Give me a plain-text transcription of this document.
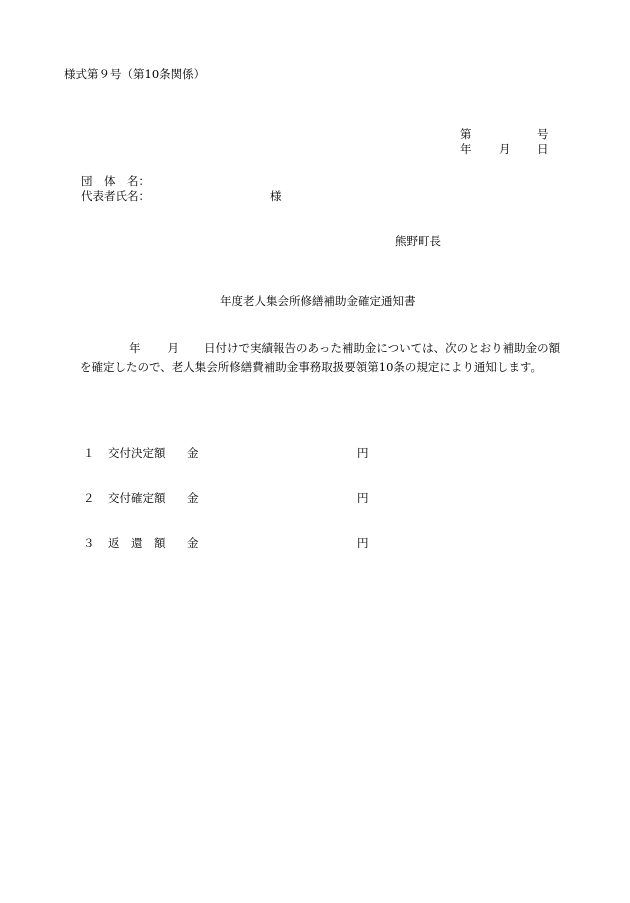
様式第９号（第10条関係）
第	号
年 月 日
団　体　名：
代表者氏名：	様
熊野町長
年度老人集会所修繕補助金確定通知書
年 月 日付けで実績報告のあった補助金については、次のとおり補助金の額を確定したので、老人集会所修繕費補助金事務取扱要領第10条の規定により通知します。
１ 交付決定額 金	円
２ 交付確定額 金	円
３ 返　還　額 金	円
